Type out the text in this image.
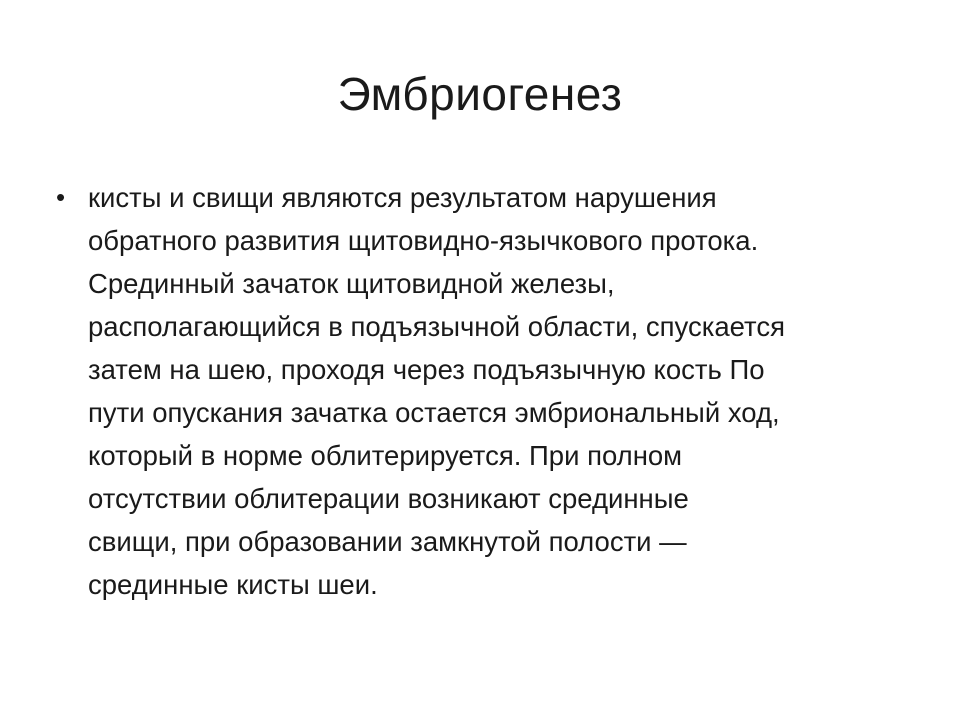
Эмбриогенез
• кисты и свищи являются результатом нарушения
обратного развития щитовидно-язычкового протока.
Срединный зачаток щитовидной железы,
располагающийся в подъязычной области, спускается
затем на шею, проходя через подъязычную кость По
пути опускания зачатка остается эмбриональный ход,
который в норме облитерируется. При полном
отсутствии облитерации возникают срединные
свищи, при образовании замкнутой полости —
срединные кисты шеи.
